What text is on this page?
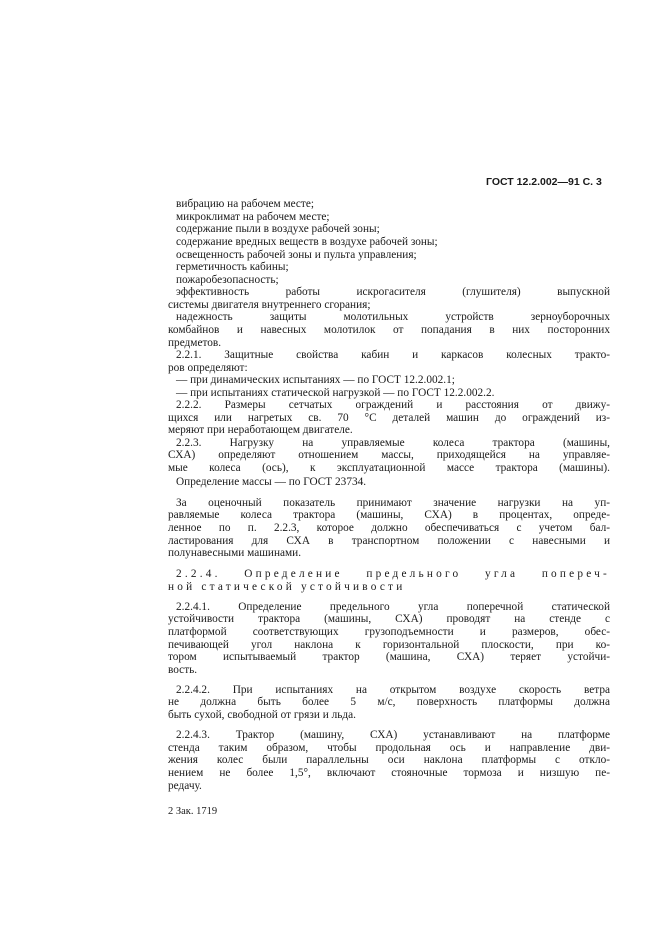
ГОСТ 12.2.002—91 С. 3
вибрацию на рабочем месте;
микроклимат на рабочем месте;
содержание пыли в воздухе рабочей зоны;
содержание вредных веществ в воздухе рабочей зоны;
освещенность рабочей зоны и пульта управления;
герметичность кабины;
пожаробезопасность;
эффективность работы искрогасителя (глушителя) выпускной
системы двигателя внутреннего сгорания;
надежность защиты молотильных устройств зерноуборочных
комбайнов и навесных молотилок от попадания в них посторонних
предметов.
2.2.1. Защитные свойства кабин и каркасов колесных тракто-
ров определяют:
— при динамических испытаниях — по ГОСТ 12.2.002.1;
— при испытаниях статической нагрузкой — по ГОСТ 12.2.002.2.
2.2.2. Размеры сетчатых ограждений и расстояния от движу-
щихся или нагретых св. 70 °С деталей машин до ограждений из-
меряют при неработающем двигателе.
2.2.3. Нагрузку на управляемые колеса трактора (машины,
СХА) определяют отношением массы, приходящейся на управляе-
мые колеса (ось), к эксплуатационной массе трактора (машины).
Определение массы — по ГОСТ 23734.
За оценочный показатель принимают значение нагрузки на уп-
равляемые колеса трактора (машины, СХА) в процентах, опреде-
ленное по п. 2.2.3, которое должно обеспечиваться с учетом бал-
ластирования для СХА в транспортном положении с навесными и
полунавесными машинами.
2.2.4. Определение предельного угла попереч-
ной статической устойчивости
2.2.4.1. Определение предельного угла поперечной статической
устойчивости трактора (машины, СХА) проводят на стенде с
платформой соответствующих грузоподъемности и размеров, обес-
печивающей угол наклона к горизонтальной плоскости, при ко-
тором испытываемый трактор (машина, СХА) теряет устойчи-
вость.
2.2.4.2. При испытаниях на открытом воздухе скорость ветра
не должна быть более 5 м/с, поверхность платформы должна
быть сухой, свободной от грязи и льда.
2.2.4.3. Трактор (машину, СХА) устанавливают на платформе
стенда таким образом, чтобы продольная ось и направление дви-
жения колес были параллельны оси наклона платформы с откло-
нением не более 1,5°, включают стояночные тормоза и низшую пе-
редачу.
2 Зак. 1719
